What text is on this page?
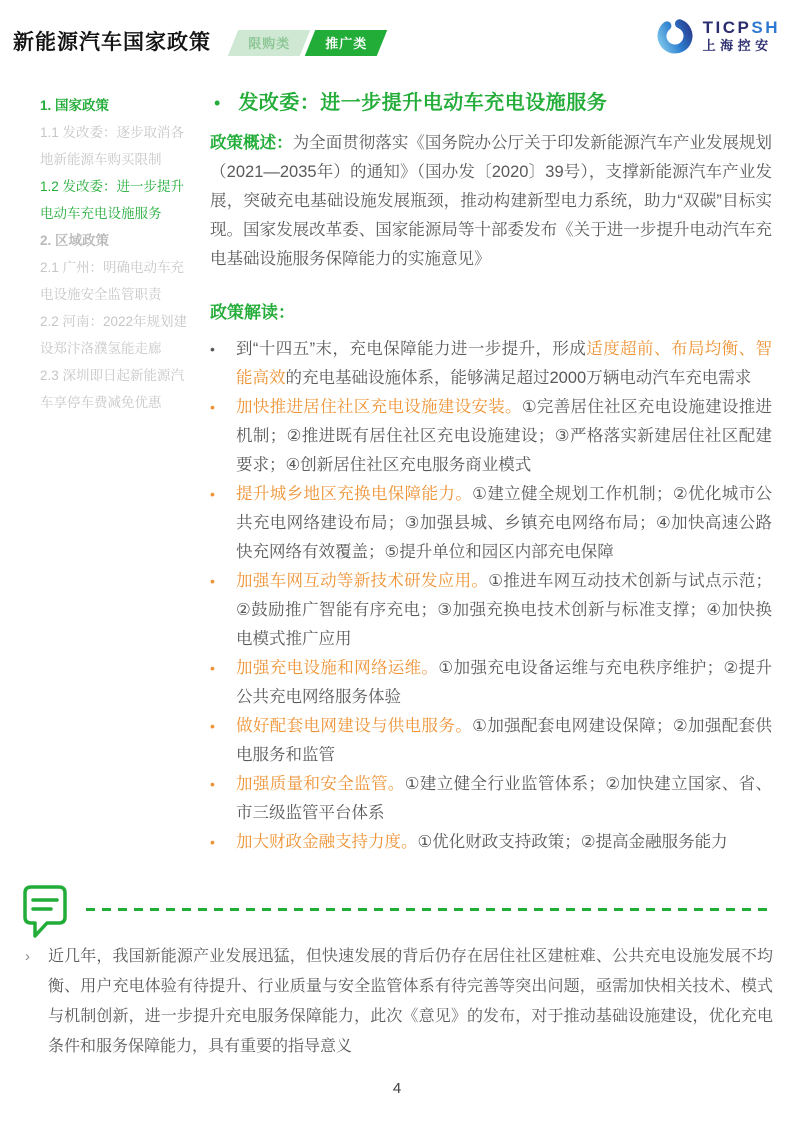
新能源汽车国家政策	限购类	推广类
TICPSH
上海控安
1. 国家政策
1.1 发改委：逐步取消各地新能源车购买限制
1.2 发改委：进一步提升电动车充电设施服务
2. 区域政策
2.1 广州：明确电动车充电设施安全监管职责
2.2 河南：2022年规划建设郑汴洛濮氢能走廊
2.3 深圳即日起新能源汽车享停车费减免优惠
• 发改委：进一步提升电动车充电设施服务

政策概述：为全面贯彻落实《国务院办公厅关于印发新能源汽车产业发展规划（2021—2035年）的通知》（国办发〔2020〕39号），支撑新能源汽车产业发展，突破充电基础设施发展瓶颈，推动构建新型电力系统，助力“双碳”目标实现。国家发展改革委、国家能源局等十部委发布《关于进一步提升电动汽车充电基础设施服务保障能力的实施意见》

政策解读：
•	到“十四五”末，充电保障能力进一步提升，形成适度超前、布局均衡、智能高效的充电基础设施体系，能够满足超过2000万辆电动汽车充电需求
•	加快推进居住社区充电设施建设安装。①完善居住社区充电设施建设推进机制；②推进既有居住社区充电设施建设；③严格落实新建居住社区配建要求；④创新居住社区充电服务商业模式
•	提升城乡地区充换电保障能力。①建立健全规划工作机制；②优化城市公共充电网络建设布局；③加强县城、乡镇充电网络布局；④加快高速公路快充网络有效覆盖；⑤提升单位和园区内部充电保障
•	加强车网互动等新技术研发应用。①推进车网互动技术创新与试点示范；②鼓励推广智能有序充电；③加强充换电技术创新与标准支撑；④加快换电模式推广应用
•	加强充电设施和网络运维。①加强充电设备运维与充电秩序维护；②提升公共充电网络服务体验
•	做好配套电网建设与供电服务。①加强配套电网建设保障；②加强配套供电服务和监管
•	加强质量和安全监管。①建立健全行业监管体系；②加快建立国家、省、市三级监管平台体系
•	加大财政金融支持力度。①优化财政支持政策；②提高金融服务能力
›	近几年，我国新能源产业发展迅猛，但快速发展的背后仍存在居住社区建桩难、公共充电设施发展不均衡、用户充电体验有待提升、行业质量与安全监管体系有待完善等突出问题，亟需加快相关技术、模式与机制创新，进一步提升充电服务保障能力，此次《意见》的发布，对于推动基础设施建设，优化充电条件和服务保障能力，具有重要的指导意义
4
